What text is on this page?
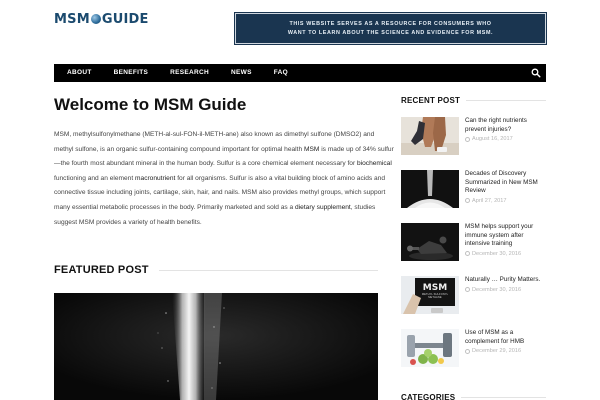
MSM GUIDE	THIS WEBSITE SERVES AS A RESOURCE FOR CONSUMERS WHO
WANT TO LEARN ABOUT THE SCIENCE AND EVIDENCE FOR MSM.
ABOUT	BENEFITS	RESEARCH	NEWS	FAQ
Welcome to MSM Guide
MSM, methylsulfonylmethane (METH-al-sul-FON-il-METH-ane) also known as dimethyl sulfone (DMSO2) and methyl sulfone, is an organic sulfur-containing compound important for optimal health MSM is made up of 34% sulfur—the fourth most abundant mineral in the human body. Sulfur is a core chemical element necessary for biochemical functioning and an element macronutrient for all organisms. Sulfur is also a vital building block of amino acids and connective tissue including joints, cartilage, skin, hair, and nails. MSM also provides methyl groups, which support many essential metabolic processes in the body. Primarily marketed and sold as a dietary supplement, studies suggest MSM provides a variety of health benefits.
FEATURED POST
RECENT POST
Can the right nutrients prevent injuries?
August 16, 2017
Decades of Discovery Summarized in New MSM Review
April 27, 2017
MSM helps support your immune system after intensive training
December 30, 2016
MSM
METHYL SULFONYL METHANE
Naturally … Purity Matters.
December 30, 2016
Use of MSM as a complement for HMB
December 29, 2016
CATEGORIES
